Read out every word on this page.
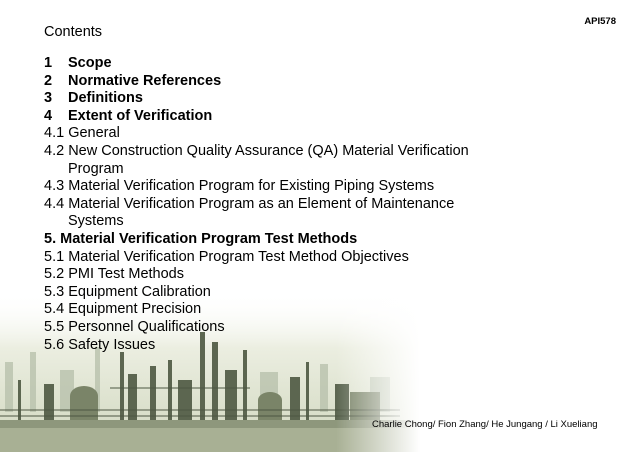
API578
Contents
1 Scope
2 Normative References
3 Definitions
4 Extent of Verification
4.1 General
4.2 New Construction Quality Assurance (QA) Material Verification
Program
4.3 Material Verification Program for Existing Piping Systems
4.4 Material Verification Program as an Element of Maintenance
Systems
5. Material Verification Program Test Methods
5.1 Material Verification Program Test Method Objectives
5.2 PMI Test Methods
5.3 Equipment Calibration
5.4 Equipment Precision
5.5 Personnel Qualifications
5.6 Safety Issues
Charlie Chong/ Fion Zhang/ He Jungang / Li Xueliang
